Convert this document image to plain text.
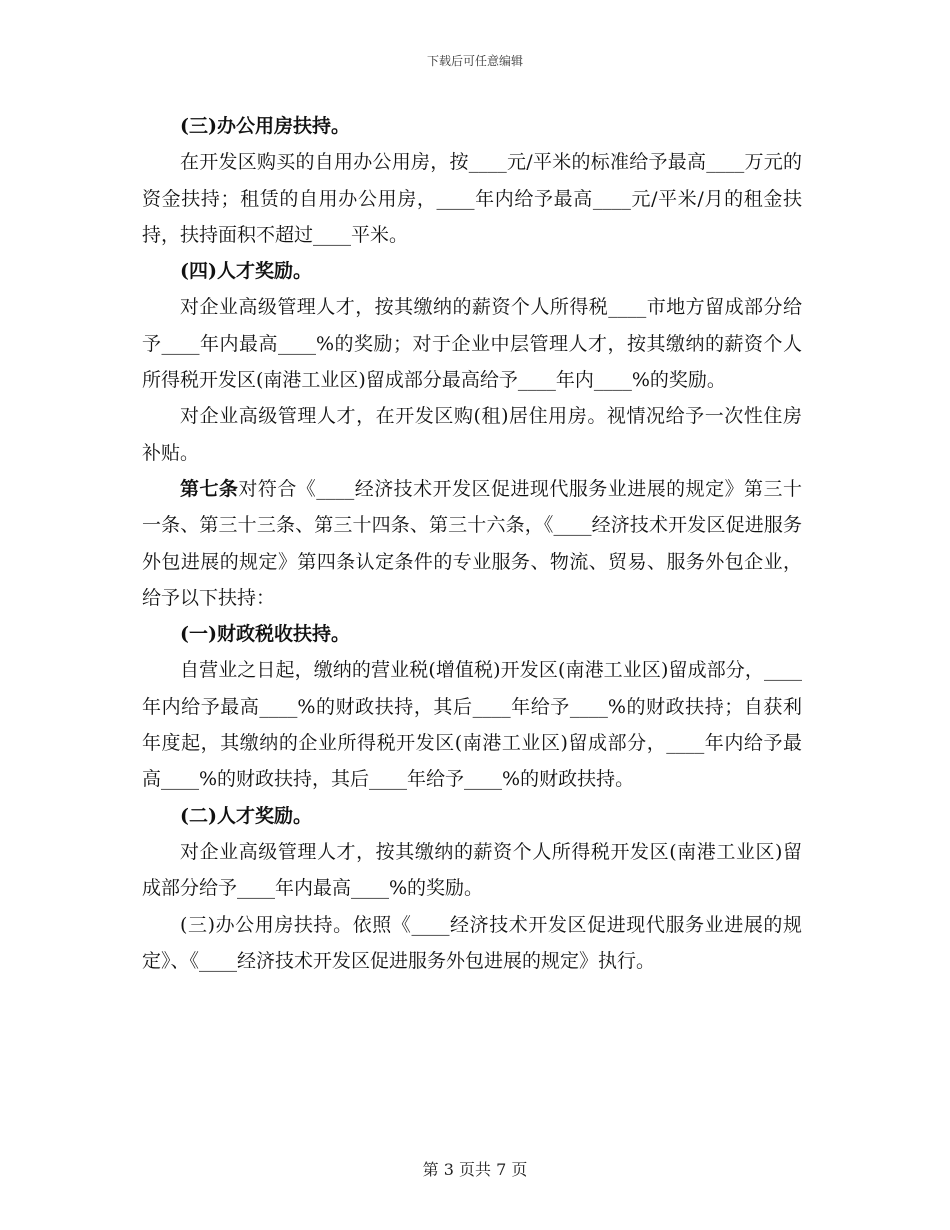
下载后可任意编辑

(三)办公用房扶持。

在开发区购买的自用办公用房，按____元/平米的标准给予最高____万元的资金扶持；租赁的自用办公用房，____年内给予最高____元/平米/月的租金扶持，扶持面积不超过____平米。

(四)人才奖励。

对企业高级管理人才，按其缴纳的薪资个人所得税____市地方留成部分给予____年内最高____%的奖励；对于企业中层管理人才，按其缴纳的薪资个人所得税开发区(南港工业区)留成部分最高给予____年内____%的奖励。

对企业高级管理人才，在开发区购(租)居住用房。视情况给予一次性住房补贴。

第七条对符合《____经济技术开发区促进现代服务业进展的规定》第三十一条、第三十三条、第三十四条、第三十六条，《____经济技术开发区促进服务外包进展的规定》第四条认定条件的专业服务、物流、贸易、服务外包企业，给予以下扶持：

(一)财政税收扶持。

自营业之日起，缴纳的营业税(增值税)开发区(南港工业区)留成部分，____年内给予最高____%的财政扶持，其后____年给予____%的财政扶持；自获利年度起，其缴纳的企业所得税开发区(南港工业区)留成部分，____年内给予最高____%的财政扶持，其后____年给予____%的财政扶持。

(二)人才奖励。

对企业高级管理人才，按其缴纳的薪资个人所得税开发区(南港工业区)留成部分给予____年内最高____%的奖励。

(三)办公用房扶持。依照《____经济技术开发区促进现代服务业进展的规定》、《____经济技术开发区促进服务外包进展的规定》执行。

第 3 页共 7 页
